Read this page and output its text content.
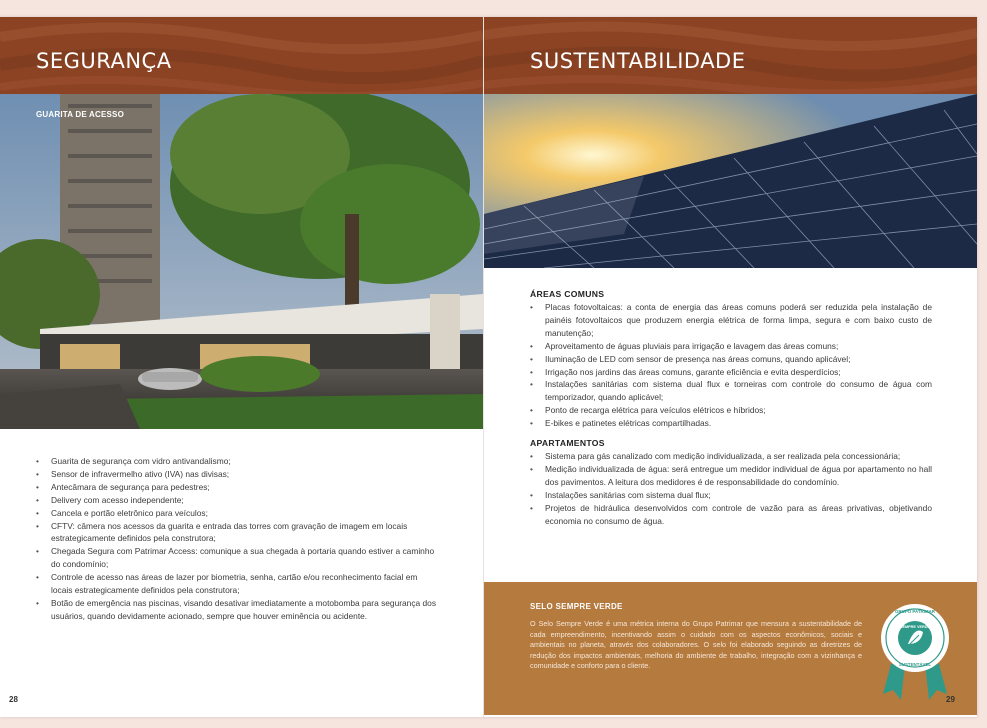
SEGURANÇA
GUARITA DE ACESSO
• Guarita de segurança com vidro antivandalismo;
• Sensor de infravermelho ativo (IVA) nas divisas;
• Antecâmara de segurança para pedestres;
• Delivery com acesso independente;
• Cancela e portão eletrônico para veículos;
• CFTV: câmera nos acessos da guarita e entrada das torres com gravação de imagem em locais estrategicamente definidos pela construtora;
• Chegada Segura com Patrimar Access: comunique a sua chegada à portaria quando estiver a caminho do condomínio;
• Controle de acesso nas áreas de lazer por biometria, senha, cartão e/ou reconhecimento facial em locais estrategicamente definidos pela construtora;
• Botão de emergência nas piscinas, visando desativar imediatamente a motobomba para segurança dos usuários, quando devidamente acionado, sempre que houver eminência ou acidente.
28
SUSTENTABILIDADE
ÁREAS COMUNS
• Placas fotovoltaicas: a conta de energia das áreas comuns poderá ser reduzida pela instalação de painéis fotovoltaicos que produzem energia elétrica de forma limpa, segura e com baixo custo de manutenção;
• Aproveitamento de águas pluviais para irrigação e lavagem das áreas comuns;
• Iluminação de LED com sensor de presença nas áreas comuns, quando aplicável;
• Irrigação nos jardins das áreas comuns, garante eficiência e evita desperdícios;
• Instalações sanitárias com sistema dual flux e torneiras com controle do consumo de água com temporizador, quando aplicável;
• Ponto de recarga elétrica para veículos elétricos e híbridos;
• E-bikes e patinetes elétricas compartilhadas.
APARTAMENTOS
• Sistema para gás canalizado com medição individualizada, a ser realizada pela concessionária;
• Medição individualizada de água: será entregue um medidor individual de água por apartamento no hall dos pavimentos. A leitura dos medidores é de responsabilidade do condomínio.
• Instalações sanitárias com sistema dual flux;
• Projetos de hidráulica desenvolvidos com controle de vazão para as áreas privativas, objetivando economia no consumo de água.
SELO SEMPRE VERDE
O Selo Sempre Verde é uma métrica interna do Grupo Patrimar que mensura a sustentabilidade de cada empreendimento, incentivando assim o cuidado com os aspectos econômicos, sociais e ambientais no planeta, através dos colaboradores. O selo foi elaborado seguindo as diretrizes de redução dos impactos ambientais, melhoria do ambiente de trabalho, integração com a vizinhança e comunidade e conforto para o cliente.
GRUPO PATRIMAR
SEMPRE VERDE
SUSTENTÁVEL
29
